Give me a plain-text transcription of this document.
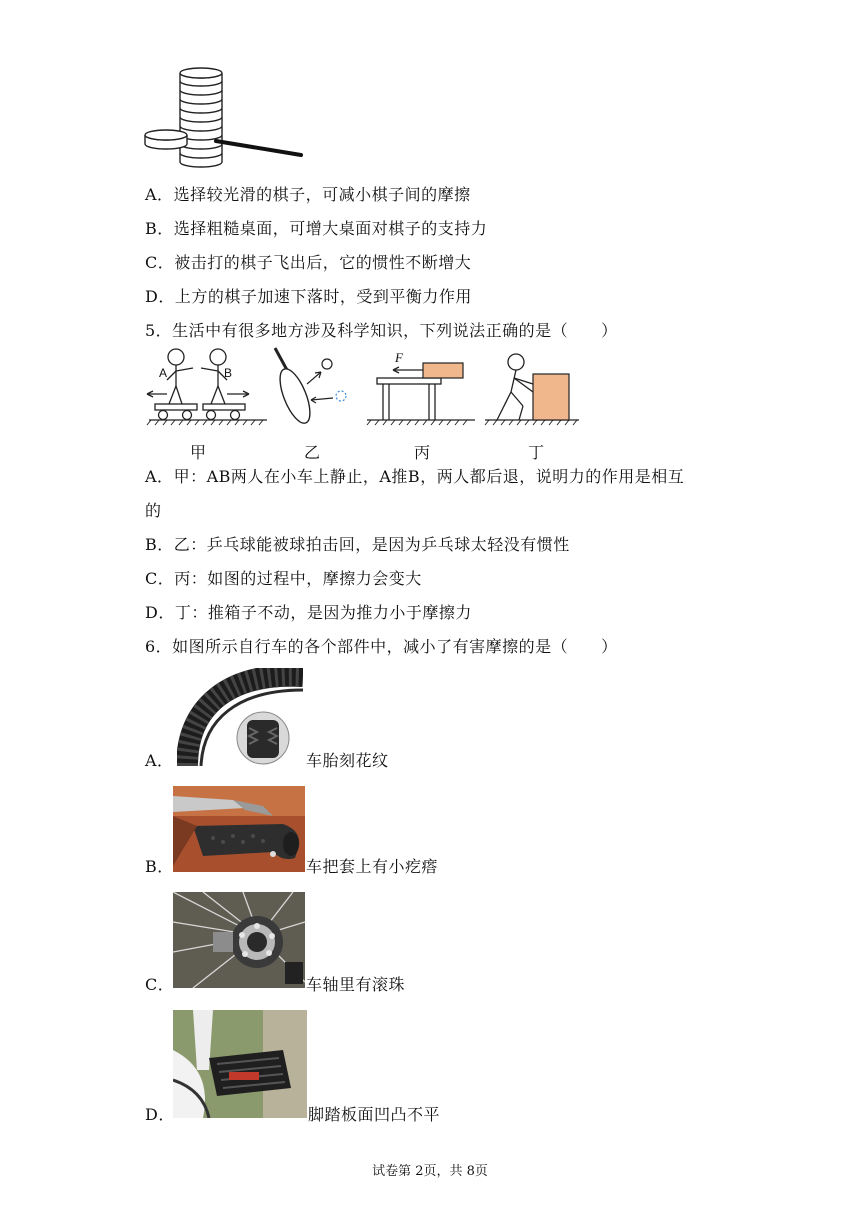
A．选择较光滑的棋子，可减小棋子间的摩擦
B．选择粗糙桌面，可增大桌面对棋子的支持力
C．被击打的棋子飞出后，它的惯性不断增大
D．上方的棋子加速下落时，受到平衡力作用
5．生活中有很多地方涉及科学知识，下列说法正确的是（　　）
A	B
F
甲	乙	丙	丁
A．甲：AB两人在小车上静止，A推B，两人都后退，说明力的作用是相互
的
B．乙：乒乓球能被球拍击回，是因为乒乓球太轻没有惯性
C．丙：如图的过程中，摩擦力会变大
D．丁：推箱子不动，是因为推力小于摩擦力
6．如图所示自行车的各个部件中，减小了有害摩擦的是（　　）
A．	车胎刻花纹
B．	车把套上有小疙瘩
C．	车轴里有滚珠
D．	脚踏板面凹凸不平
试卷第 2页，共 8页
